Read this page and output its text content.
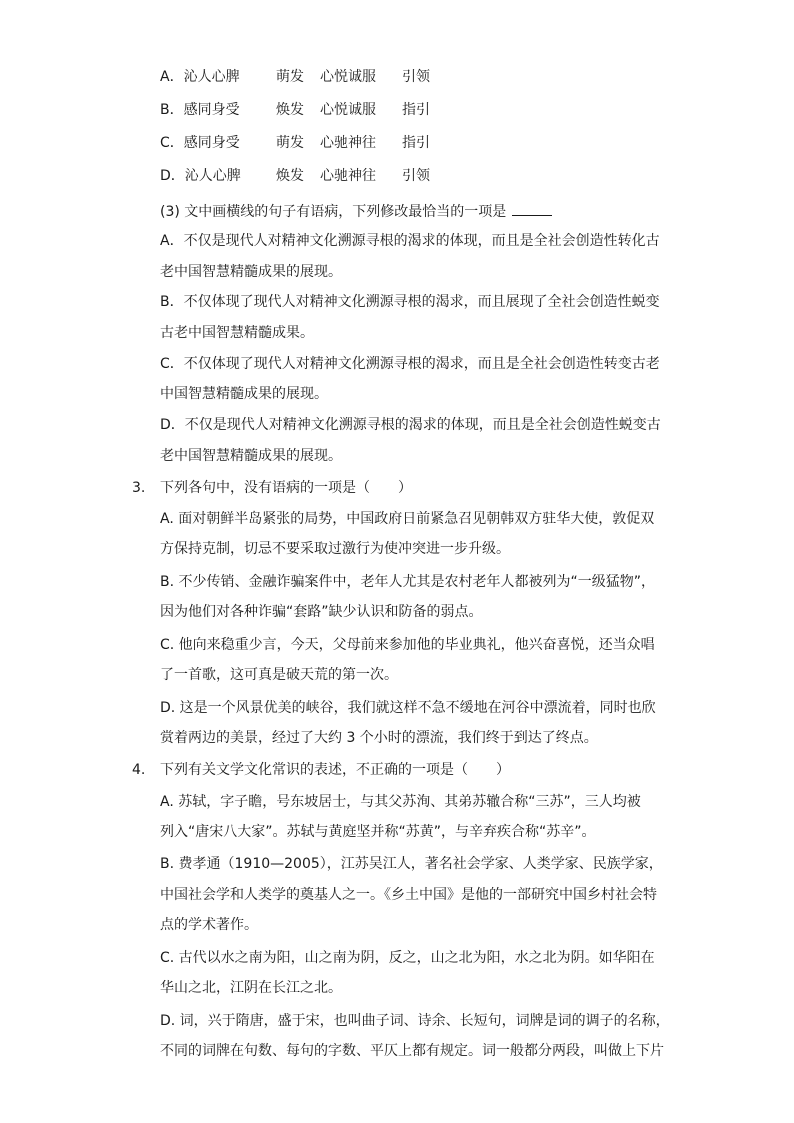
A．沁人心脾	萌发 心悦诚服 引领
B．感同身受	焕发 心悦诚服 指引
C．感同身受	萌发 心驰神往 指引
D．沁人心脾	焕发 心驰神往 引领
(3) 文中画横线的句子有语病，下列修改最恰当的一项是
A．不仅是现代人对精神文化溯源寻根的渴求的体现，而且是全社会创造性转化古
老中国智慧精髓成果的展现。
B．不仅体现了现代人对精神文化溯源寻根的渴求，而且展现了全社会创造性蜕变
古老中国智慧精髓成果。
C．不仅体现了现代人对精神文化溯源寻根的渴求，而且是全社会创造性转变古老
中国智慧精髓成果的展现。
D．不仅是现代人对精神文化溯源寻根的渴求的体现，而且是全社会创造性蜕变古
老中国智慧精髓成果的展现。
3. 下列各句中，没有语病的一项是（　　）
A. 面对朝鲜半岛紧张的局势，中国政府日前紧急召见朝韩双方驻华大使，敦促双
方保持克制，切忌不要采取过激行为使冲突进一步升级。
B. 不少传销、金融诈骗案件中，老年人尤其是农村老年人都被列为“一级猛物”，
因为他们对各种诈骗“套路”缺少认识和防备的弱点。
C. 他向来稳重少言，今天，父母前来参加他的毕业典礼，他兴奋喜悦，还当众唱
了一首歌，这可真是破天荒的第一次。
D. 这是一个风景优美的峡谷，我们就这样不急不缓地在河谷中漂流着，同时也欣
赏着两边的美景，经过了大约 3 个小时的漂流，我们终于到达了终点。
4. 下列有关文学文化常识的表述，不正确的一项是（　　）
A. 苏轼，字子瞻，号东坡居士，与其父苏洵、其弟苏辙合称“三苏”，三人均被
列入“唐宋八大家”。苏轼与黄庭坚并称“苏黄”，与辛弃疾合称“苏辛”。
B. 费孝通（1910—2005），江苏吴江人，著名社会学家、人类学家、民族学家，
中国社会学和人类学的奠基人之一。《乡土中国》是他的一部研究中国乡村社会特
点的学术著作。
C. 古代以水之南为阳，山之南为阴，反之，山之北为阳，水之北为阴。如华阳在
华山之北，江阴在长江之北。
D. 词，兴于隋唐，盛于宋，也叫曲子词、诗余、长短句，词牌是词的调子的名称，
不同的词牌在句数、每句的字数、平仄上都有规定。词一般都分两段，叫做上下片
